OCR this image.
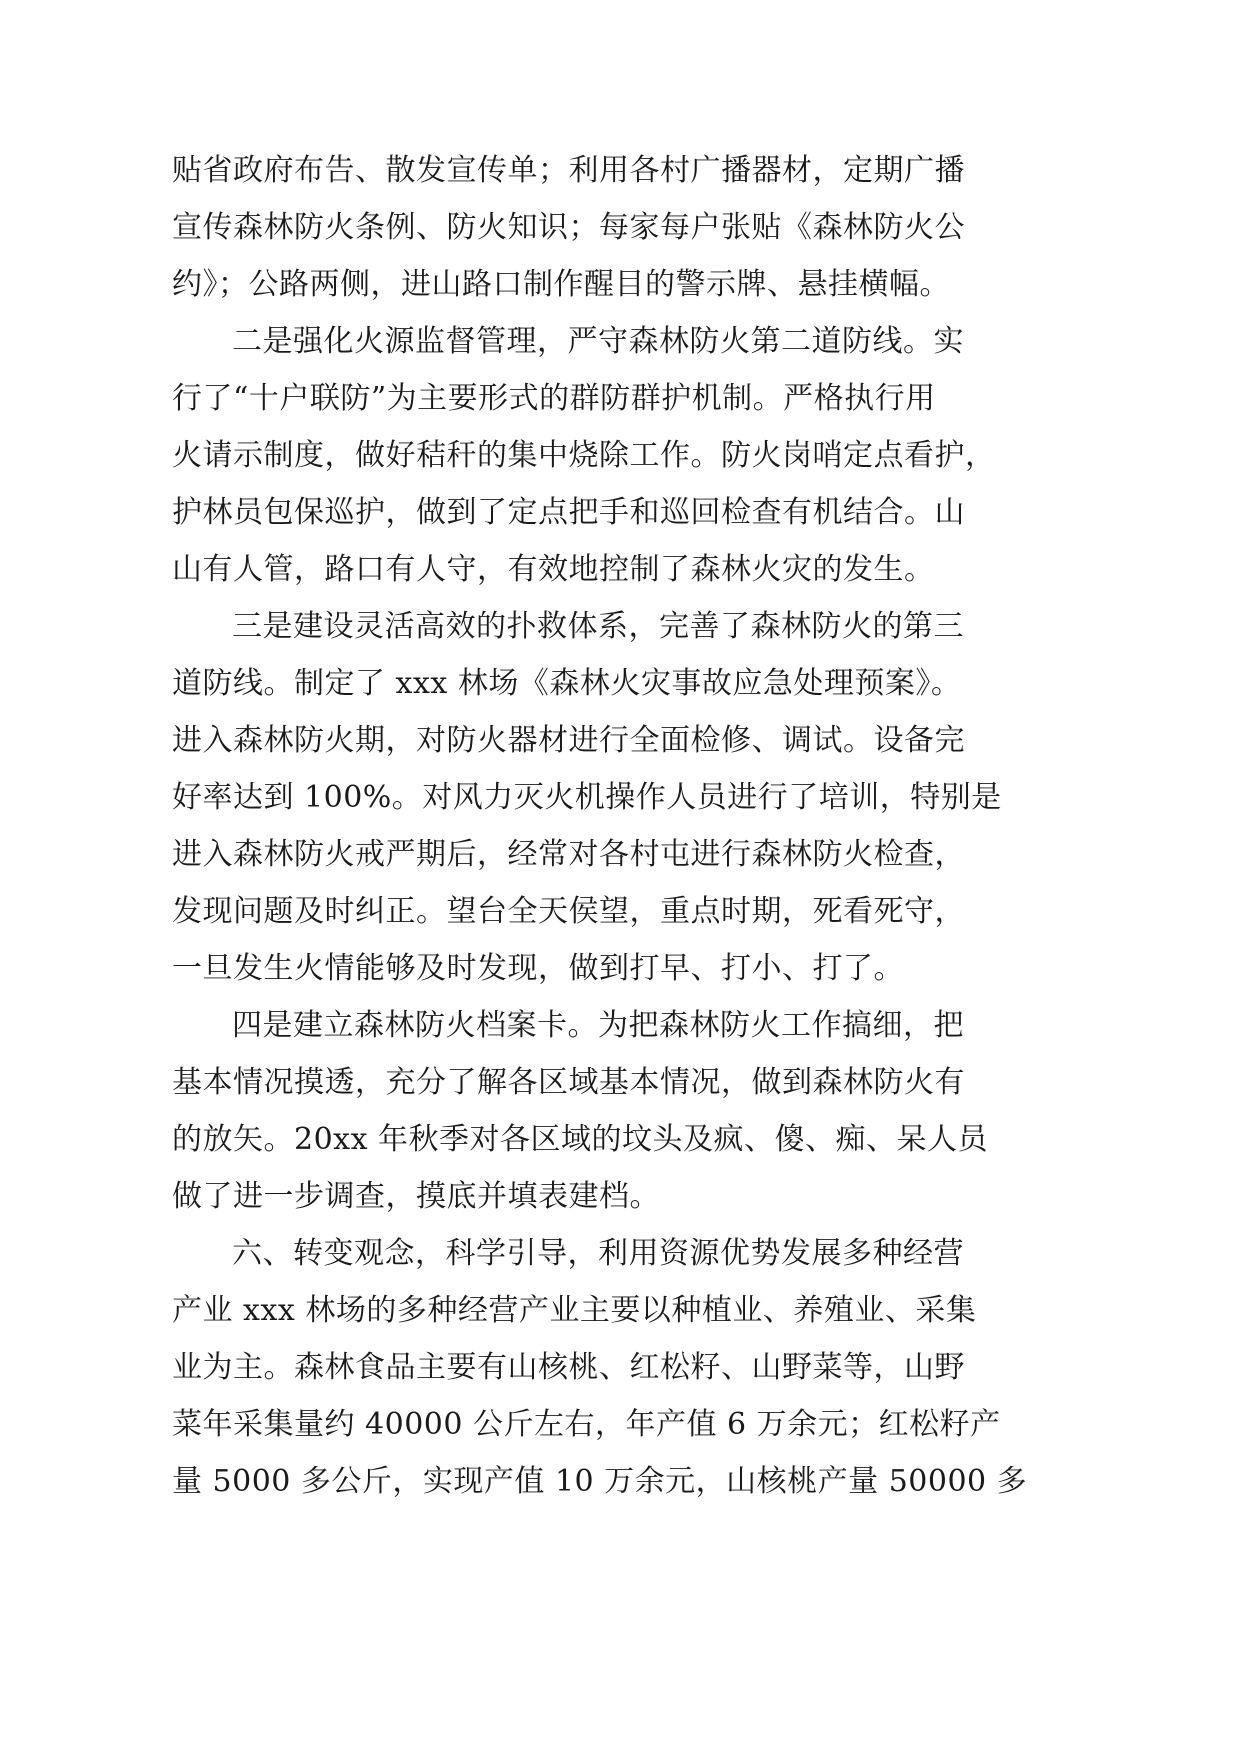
贴省政府布告、散发宣传单；利用各村广播器材，定期广播
宣传森林防火条例、防火知识；每家每户张贴《森林防火公
约》；公路两侧，进山路口制作醒目的警示牌、悬挂横幅。

二是强化火源监督管理，严守森林防火第二道防线。实
行了“十户联防”为主要形式的群防群护机制。严格执行用
火请示制度，做好秸秆的集中烧除工作。防火岗哨定点看护，
护林员包保巡护，做到了定点把手和巡回检查有机结合。山
山有人管，路口有人守，有效地控制了森林火灾的发生。

三是建设灵活高效的扑救体系，完善了森林防火的第三
道防线。制定了 xxx 林场《森林火灾事故应急处理预案》。
进入森林防火期，对防火器材进行全面检修、调试。设备完
好率达到 100%。对风力灭火机操作人员进行了培训，特别是
进入森林防火戒严期后，经常对各村屯进行森林防火检查，
发现问题及时纠正。望台全天侯望，重点时期，死看死守，
一旦发生火情能够及时发现，做到打早、打小、打了。

四是建立森林防火档案卡。为把森林防火工作搞细，把
基本情况摸透，充分了解各区域基本情况，做到森林防火有
的放矢。20xx 年秋季对各区域的坟头及疯、傻、痴、呆人员
做了进一步调查，摸底并填表建档。

六、转变观念，科学引导，利用资源优势发展多种经营
产业 xxx 林场的多种经营产业主要以种植业、养殖业、采集
业为主。森林食品主要有山核桃、红松籽、山野菜等，山野
菜年采集量约 40000 公斤左右，年产值 6 万余元；红松籽产
量 5000 多公斤，实现产值 10 万余元，山核桃产量 50000 多
